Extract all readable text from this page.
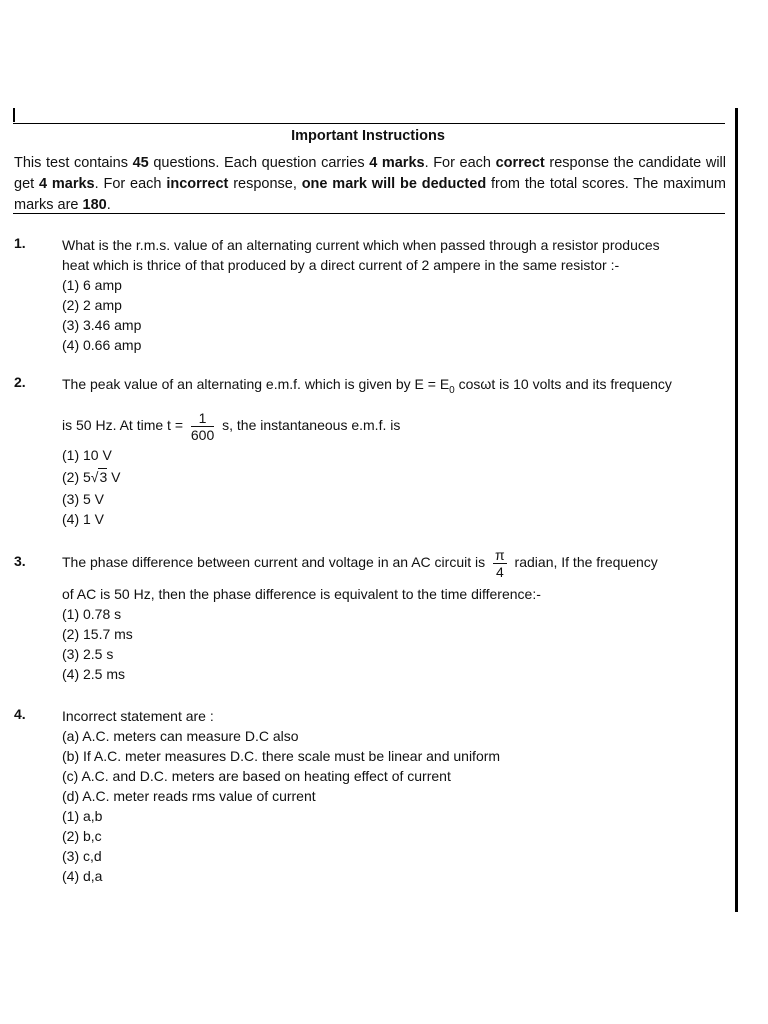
Important Instructions
This test contains 45 questions. Each question carries 4 marks. For each correct response the candidate will get 4 marks. For each incorrect response, one mark will be deducted from the total scores. The maximum marks are 180.
1.	What is the r.m.s. value of an alternating current which when passed through a resistor produces
heat which is thrice of that produced by a direct current of 2 ampere in the same resistor :-
(1) 6 amp
(2) 2 amp
(3) 3.46 amp
(4) 0.66 amp
2.	The peak value of an alternating e.m.f. which is given by $E = E_0$ cosωt is 10 volts and its frequency
is 50 Hz. At time $t = \frac{1}{600} s$, the instantaneous e.m.f. is
(1) 10 V
(2) 5√3 V
(3) 5 V
(4) 1 V
3.	The phase difference between current and voltage in an AC circuit is $\frac{\pi}{4}$ radian, If the frequency
of AC is 50 Hz, then the phase difference is equivalent to the time difference:-
(1) 0.78 s
(2) 15.7 ms
(3) 2.5 s
(4) 2.5 ms
4.	Incorrect statement are :
(a) A.C. meters can measure D.C also
(b) If A.C. meter measures D.C. there scale must be linear and uniform
(c) A.C. and D.C. meters are based on heating effect of current
(d) A.C. meter reads rms value of current
(1) a,b
(2) b,c
(3) c,d
(4) d,a
